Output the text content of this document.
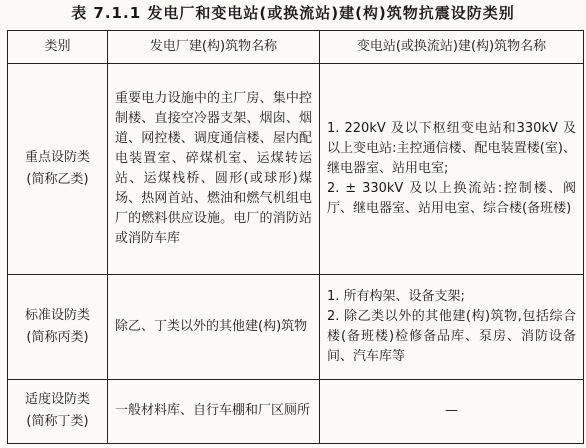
表 7.1.1 发电厂和变电站(或换流站)建(构)筑物抗震设防类别
类别	发电厂建(构)筑物名称	变电站(或换流站)建(构)筑物名称

重点设防类
(简称乙类)	重要电力设施中的主厂房、集中控制楼、直接空冷器支架、烟囱、烟道、网控楼、调度通信楼、屋内配电装置室、碎煤机室、运煤转运站、运煤栈桥、圆形(或球形)煤场、热网首站、燃油和燃气机组电厂的燃料供应设施。电厂的消防站或消防车库	1. 220kV 及以下枢纽变电站和330kV 及以上变电站:主控通信楼、配电装置楼(室)、继电器室、站用电室;
2. ± 330kV 及以上换流站:控制楼、阀厅、继电器室、站用电室、综合楼(备班楼)

标准设防类
(简称丙类)	除乙、丁类以外的其他建(构)筑物	1. 所有构架、设备支架;
2. 除乙类以外的其他建(构)筑物,包括综合楼(备班楼)检修备品库、泵房、消防设备间、汽车库等

适度设防类
(简称丁类)	一般材料库、自行车棚和厂区厕所	—
